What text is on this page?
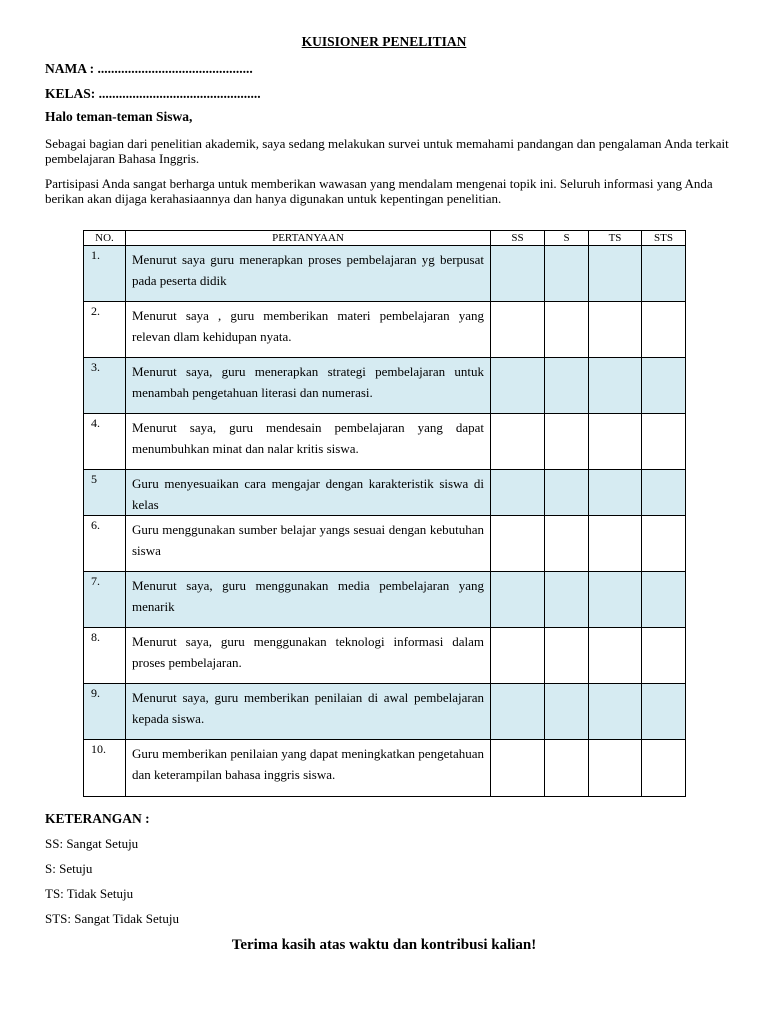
KUISIONER PENELITIAN
NAMA : ..............................................
KELAS: ................................................
Halo teman-teman Siswa,
Sebagai bagian dari penelitian akademik, saya sedang melakukan survei untuk memahami pandangan dan pengalaman Anda terkait pembelajaran Bahasa Inggris.
Partisipasi Anda sangat berharga untuk memberikan wawasan yang mendalam mengenai topik ini. Seluruh informasi yang Anda berikan akan dijaga kerahasiaannya dan hanya digunakan untuk kepentingan penelitian.
NO.	PERTANYAAN	SS	S	TS	STS
1.	Menurut saya guru menerapkan proses pembelajaran yg berpusat pada peserta didik				
2.	Menurut saya , guru memberikan materi pembelajaran yang relevan dlam kehidupan nyata.				
3.	Menurut saya, guru menerapkan strategi pembelajaran untuk menambah pengetahuan literasi dan numerasi.				
4.	Menurut saya, guru mendesain pembelajaran yang dapat menumbuhkan minat dan nalar kritis siswa.				
5	Guru menyesuaikan cara mengajar dengan karakteristik siswa di kelas				
6.	Guru menggunakan sumber belajar yangs sesuai dengan kebutuhan siswa				
7.	Menurut saya, guru menggunakan media pembelajaran yang menarik				
8.	Menurut saya, guru menggunakan teknologi informasi dalam proses pembelajaran.				
9.	Menurut saya, guru memberikan penilaian di awal pembelajaran kepada siswa.				
10.	Guru memberikan penilaian yang dapat meningkatkan pengetahuan dan keterampilan bahasa inggris siswa.				
KETERANGAN :
SS: Sangat Setuju
S: Setuju
TS: Tidak Setuju
STS: Sangat Tidak Setuju
Terima kasih atas waktu dan kontribusi kalian!
